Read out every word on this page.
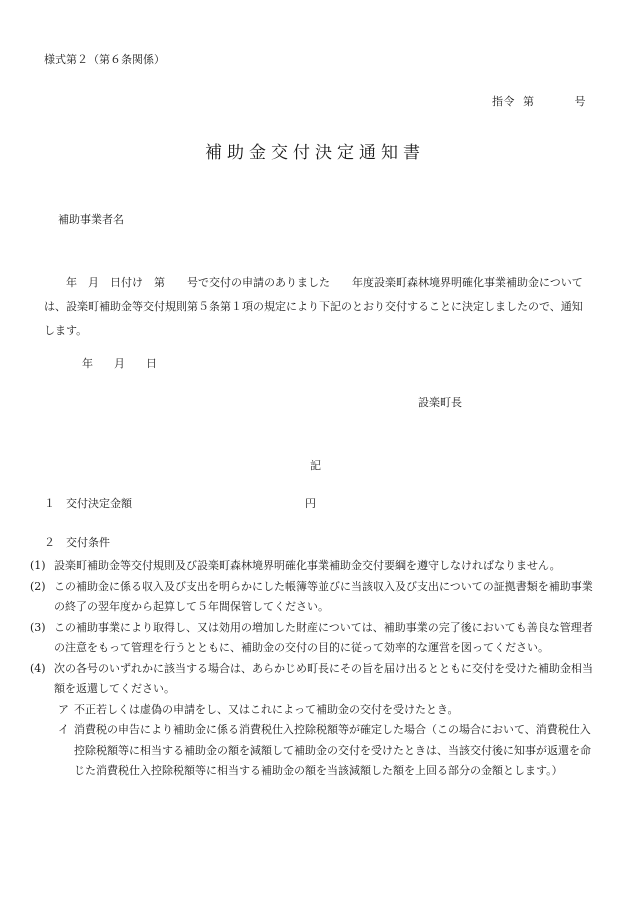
様式第２（第６条関係）
指令 第	号
補助金交付決定通知書
補助事業者名

　　年　月　日付け　第　　号で交付の申請のありました　　年度設楽町森林境界明確化事業補助金については、設楽町補助金等交付規則第５条第１項の規定により下記のとおり交付することに決定しましたので、通知します。

年 月 日
設楽町長
記
１　交付決定金額	円
２　交付条件

(1) 設楽町補助金等交付規則及び設楽町森林境界明確化事業補助金交付要綱を遵守しなければなりません。

(2) この補助金に係る収入及び支出を明らかにした帳簿等並びに当該収入及び支出についての証拠書類を補助事業の終了の翌年度から起算して５年間保管してください。

(3) この補助事業により取得し、又は効用の増加した財産については、補助事業の完了後においても善良な管理者の注意をもって管理を行うとともに、補助金の交付の目的に従って効率的な運営を図ってください。

(4) 次の各号のいずれかに該当する場合は、あらかじめ町長にその旨を届け出るとともに交付を受けた補助金相当額を返還してください。

ア 不正若しくは虚偽の申請をし、又はこれによって補助金の交付を受けたとき。

イ 消費税の申告により補助金に係る消費税仕入控除税額等が確定した場合（この場合において、消費税仕入控除税額等に相当する補助金の額を減額して補助金の交付を受けたときは、当該交付後に知事が返還を命じた消費税仕入控除税額等に相当する補助金の額を当該減額した額を上回る部分の金額とします。）
